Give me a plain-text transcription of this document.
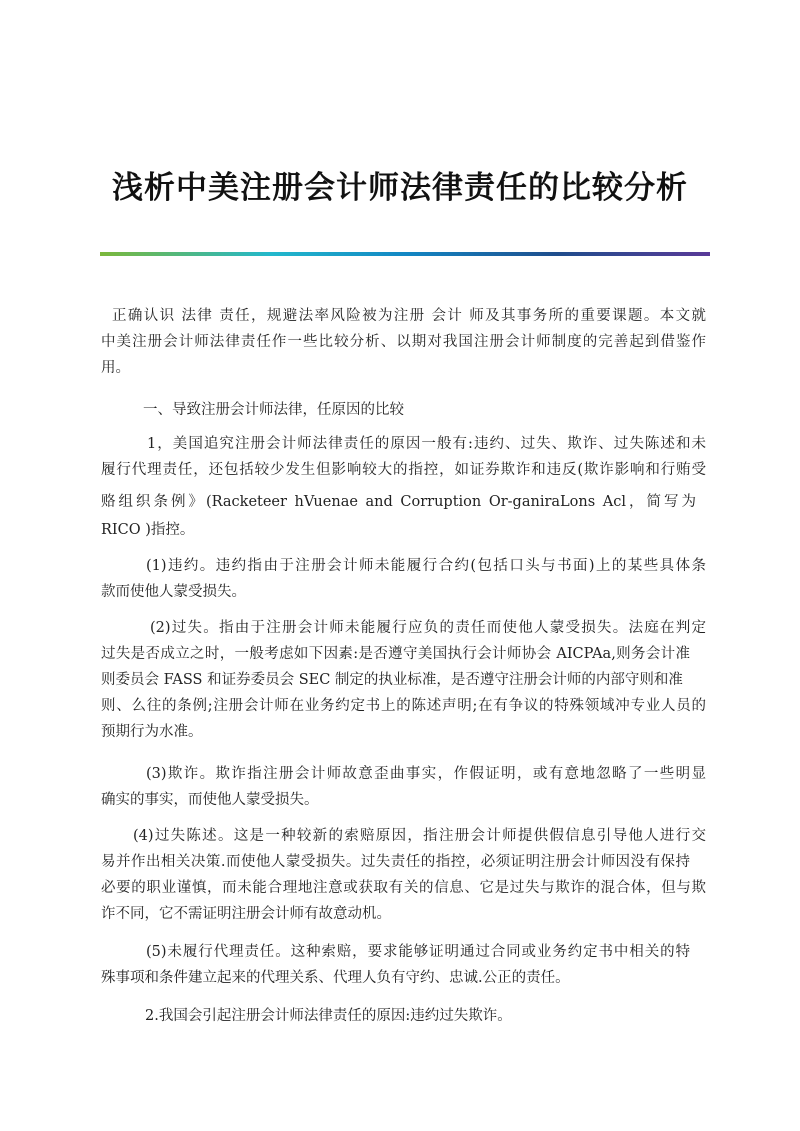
浅析中美注册会计师法律责任的比较分析
正确认识 法律 责任，规避法率风险被为注册 会计 师及其事务所的重要课题。本文就
中美注册会计师法律责任作一些比较分析、以期对我国注册会计师制度的完善起到借鉴作
用。
一、导致注册会计师法律，任原因的比较
1，美国追究注册会计师法律责任的原因一般有:违约、过失、欺诈、过失陈述和未
履行代理责任，还包括较少发生但影响较大的指控，如证券欺诈和违反(欺诈影响和行贿受
赂组织条例》(Racketeer hVuenae and Corruption Or-ganiraLons Acl，简写为
RICO )指控。
(1)违约。违约指由于注册会计师未能履行合约(包括口头与书面)上的某些具体条
款而使他人蒙受损失。
(2)过失。指由于注册会计师未能履行应负的责任而使他人蒙受损失。法庭在判定
过失是否成立之时，一般考虑如下因素:是否遵守美国执行会计师协会 AICPAa,则务会计准
则委员会 FASS 和证券委员会 SEC 制定的执业标准，是否遵守注册会计师的内部守则和准
则、么往的条例;注册会计师在业务约定书上的陈述声明;在有争议的特殊领域冲专业人员的
预期行为水准。
(3)欺诈。欺诈指注册会计师故意歪曲事实，作假证明，或有意地忽略了一些明显
确实的事实，而使他人蒙受损失。
(4)过失陈述。这是一种较新的索赔原因，指注册会计师提供假信息引导他人进行交
易并作出相关决策.而使他人蒙受损失。过失责任的指控，必须证明注册会计师因没有保持
必要的职业谨慎，而未能合理地注意或获取有关的信息、它是过失与欺诈的混合体，但与欺
诈不同，它不需证明注册会计师有故意动机。
(5)未履行代理责任。这种索赔，要求能够证明通过合同或业务约定书中相关的特
殊事项和条件建立起来的代理关系、代理人负有守约、忠诚.公正的责任。
2.我国会引起注册会计师法律责任的原因:违约过失欺诈。
